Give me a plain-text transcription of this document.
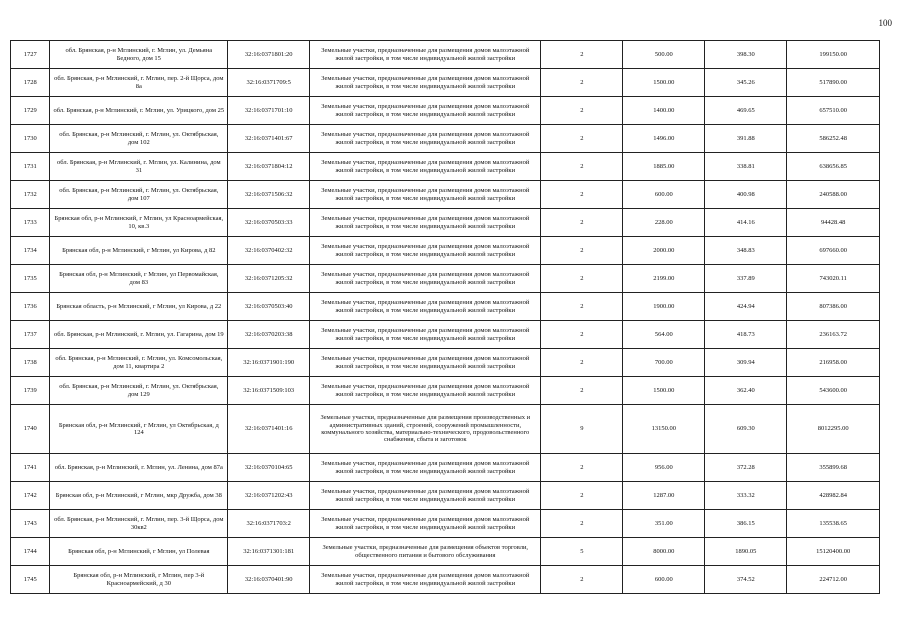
100
1727	обл. Брянская, р-н Мглинский, г. Мглин, ул. Демьяна Бедного, дом 15	32:16:0371801:20	Земельные участки, предназначенные для размещения домов малоэтажной жилой застройки, в том числе индивидуальной жилой застройки	2	500.00	398.30	199150.00
1728	обл. Брянская, р-н Мглинский, г. Мглин, пер. 2-й Щорса, дом 8а	32:16:0371709:5	Земельные участки, предназначенные для размещения домов малоэтажной жилой застройки, в том числе индивидуальной жилой застройки	2	1500.00	345.26	517890.00
1729	обл. Брянская, р-н Мглинский, г. Мглин, ул. Урицкого, дом 25	32:16:0371701:10	Земельные участки, предназначенные для размещения домов малоэтажной жилой застройки, в том числе индивидуальной жилой застройки	2	1400.00	469.65	657510.00
1730	обл. Брянская, р-н Мглинский, г. Мглин, ул. Октябрьская, дом 102	32:16:0371401:67	Земельные участки, предназначенные для размещения домов малоэтажной жилой застройки, в том числе индивидуальной жилой застройки	2	1496.00	391.88	586252.48
1731	обл. Брянская, р-н Мглинский, г. Мглин, ул. Калинина, дом 31	32:16:0371804:12	Земельные участки, предназначенные для размещения домов малоэтажной жилой застройки, в том числе индивидуальной жилой застройки	2	1885.00	338.81	638656.85
1732	обл. Брянская, р-н Мглинский, г. Мглин, ул. Октябрьская, дом 107	32:16:0371506:32	Земельные участки, предназначенные для размещения домов малоэтажной жилой застройки, в том числе индивидуальной жилой застройки	2	600.00	400.98	240588.00
1733	Брянская обл, р-н Мглинский, г Мглин, ул Красноармейская, 10, кв.3	32:16:0370503:33	Земельные участки, предназначенные для размещения домов малоэтажной жилой застройки, в том числе индивидуальной жилой застройки	2	228.00	414.16	94428.48
1734	Брянская обл, р-н Мглинский, г Мглин, ул Кирова, д 82	32:16:0370402:32	Земельные участки, предназначенные для размещения домов малоэтажной жилой застройки, в том числе индивидуальной жилой застройки	2	2000.00	348.83	697660.00
1735	Брянская обл, р-н Мглинский, г Мглин, ул Первомайская, дом 83	32:16:0371205:32	Земельные участки, предназначенные для размещения домов малоэтажной жилой застройки, в том числе индивидуальной жилой застройки	2	2199.00	337.89	743020.11
1736	Брянская область, р-н Мглинский, г Мглин, ул Кирова, д 22	32:16:0370503:40	Земельные участки, предназначенные для размещения домов малоэтажной жилой застройки, в том числе индивидуальной жилой застройки	2	1900.00	424.94	807386.00
1737	обл. Брянская, р-н Мглинский, г. Мглин, ул. Гагарина, дом 19	32:16:0370203:38	Земельные участки, предназначенные для размещения домов малоэтажной жилой застройки, в том числе индивидуальной жилой застройки	2	564.00	418.73	236163.72
1738	обл. Брянская, р-н Мглинский, г. Мглин, ул. Комсомольская, дом 11, квартира 2	32:16:0371901:190	Земельные участки, предназначенные для размещения домов малоэтажной жилой застройки, в том числе индивидуальной жилой застройки	2	700.00	309.94	216958.00
1739	обл. Брянская, р-н Мглинский, г. Мглин, ул. Октябрьская, дом 129	32:16:0371509:103	Земельные участки, предназначенные для размещения домов малоэтажной жилой застройки, в том числе индивидуальной жилой застройки	2	1500.00	362.40	543600.00
1740	Брянская обл, р-н Мглинский, г Мглин, ул Октябрьская, д 124	32:16:0371401:16	Земельные участки, предназначенные для размещения производственных и административных зданий, строений, сооружений промышленности, коммунального хозяйства, материально-технического, продовольственного снабжения, сбыта и заготовок	9	13150.00	609.30	8012295.00
1741	обл. Брянская, р-н Мглинский, г. Мглин, ул. Ленина, дом 87а	32:16:0370104:65	Земельные участки, предназначенные для размещения домов малоэтажной жилой застройки, в том числе индивидуальной жилой застройки	2	956.00	372.28	355899.68
1742	Брянская обл, р-н Мглинский, г Мглин, мкр Дружба, дом 38	32:16:0371202:43	Земельные участки, предназначенные для размещения домов малоэтажной жилой застройки, в том числе индивидуальной жилой застройки	2	1287.00	333.32	428982.84
1743	обл. Брянская, р-н Мглинский, г. Мглин, пер. 3-й Щорса, дом 30кв2	32:16:0371703:2	Земельные участки, предназначенные для размещения домов малоэтажной жилой застройки, в том числе индивидуальной жилой застройки	2	351.00	386.15	135538.65
1744	Брянская обл, р-н Мглинский, г Мглин, ул Полевая	32:16:0371301:181	Земельные участки, предназначенные для размещения объектов торговли, общественного питания и бытового обслуживания	5	8000.00	1890.05	15120400.00
1745	Брянская обл, р-н Мглинский, г Мглин, пер 3-й Красноармейский, д 30	32:16:0370401:90	Земельные участки, предназначенные для размещения домов малоэтажной жилой застройки, в том числе индивидуальной жилой застройки	2	600.00	374.52	224712.00
